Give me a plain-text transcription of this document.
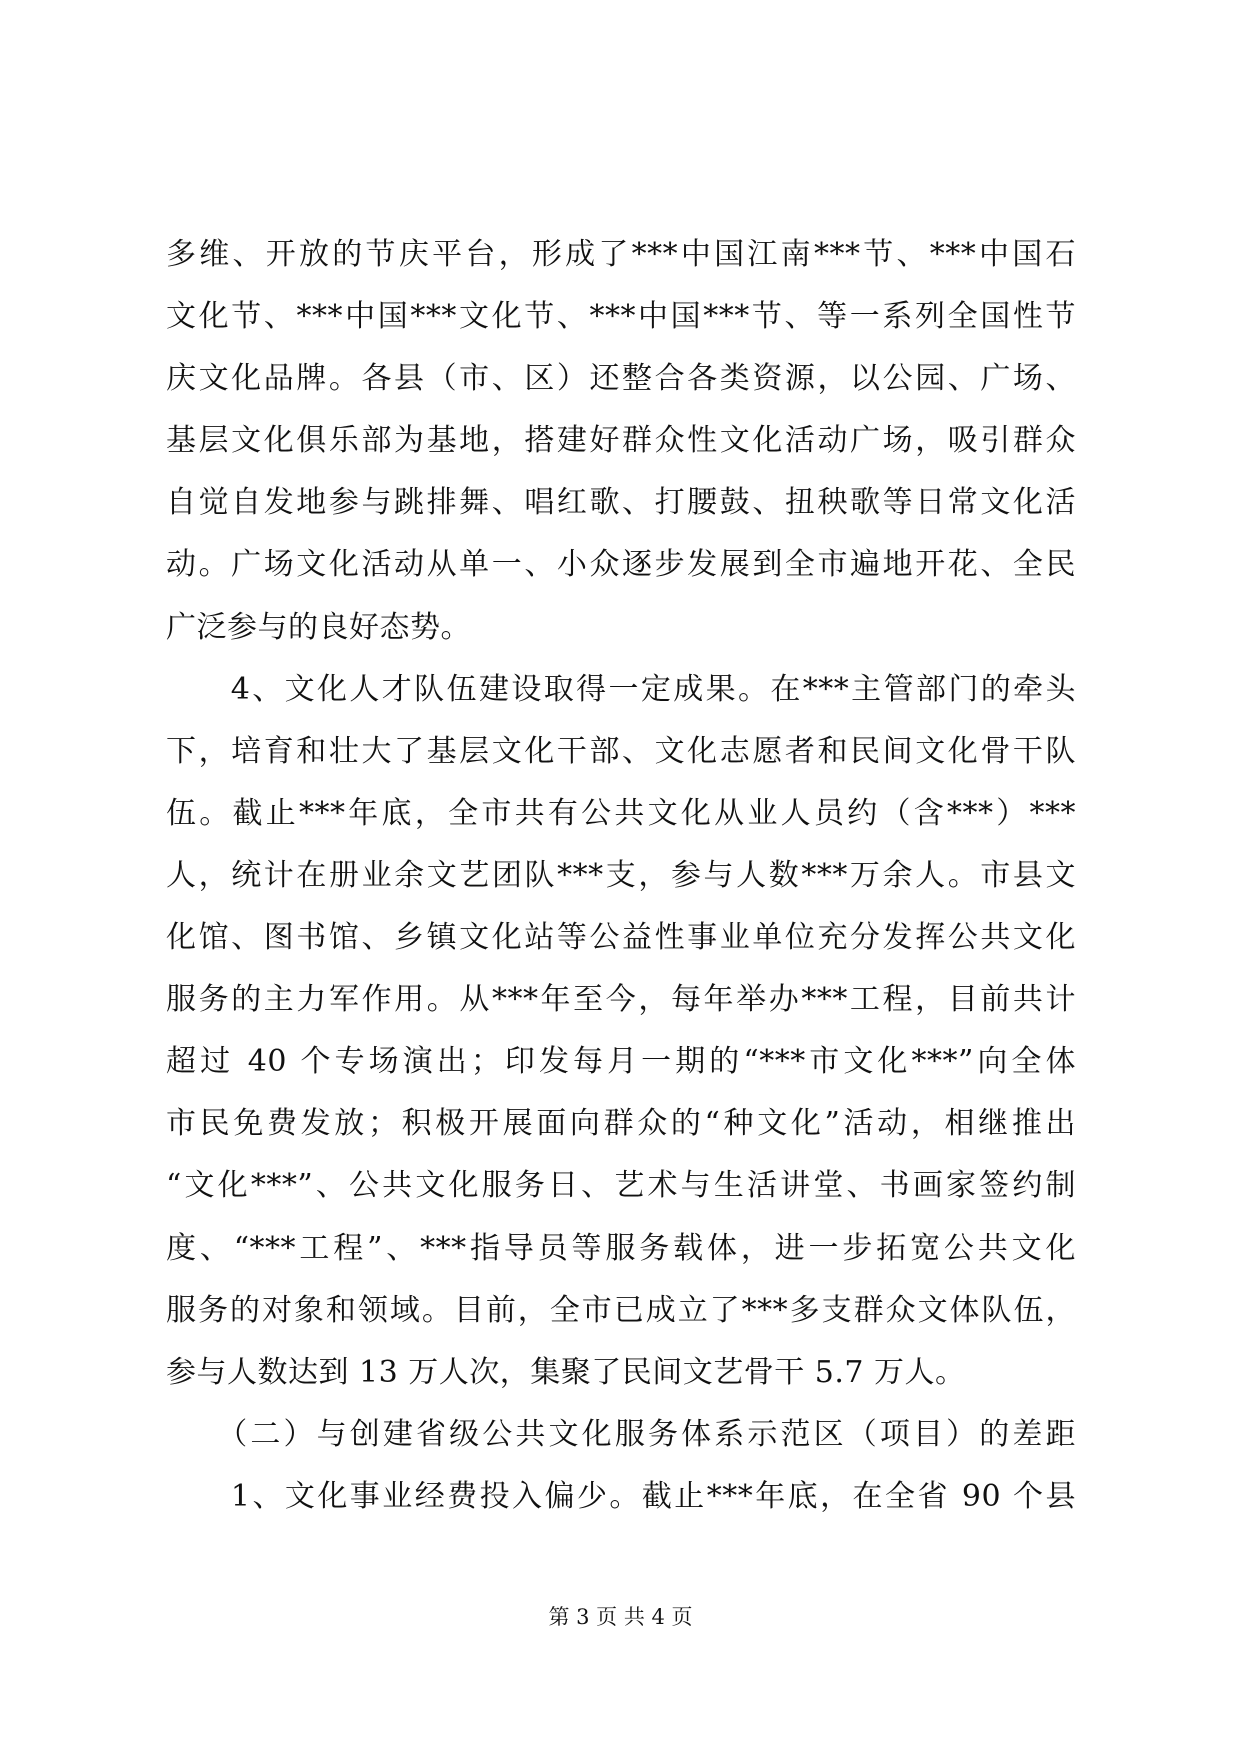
多维、开放的节庆平台，形成了***中国江南***节、***中国石
文化节、***中国***文化节、***中国***节、等一系列全国性节
庆文化品牌。各县（市、区）还整合各类资源，以公园、广场、
基层文化俱乐部为基地，搭建好群众性文化活动广场，吸引群众
自觉自发地参与跳排舞、唱红歌、打腰鼓、扭秧歌等日常文化活
动。广场文化活动从单一、小众逐步发展到全市遍地开花、全民
广泛参与的良好态势。
　　4、文化人才队伍建设取得一定成果。在***主管部门的牵头
下，培育和壮大了基层文化干部、文化志愿者和民间文化骨干队
伍。截止***年底，全市共有公共文化从业人员约（含***）***
人，统计在册业余文艺团队***支，参与人数***万余人。市县文
化馆、图书馆、乡镇文化站等公益性事业单位充分发挥公共文化
服务的主力军作用。从***年至今，每年举办***工程，目前共计
超过 40 个专场演出；印发每月一期的“***市文化***”向全体
市民免费发放；积极开展面向群众的“种文化”活动，相继推出
“文化***”、公共文化服务日、艺术与生活讲堂、书画家签约制
度、“***工程”、***指导员等服务载体，进一步拓宽公共文化
服务的对象和领域。目前，全市已成立了***多支群众文体队伍，
参与人数达到 13 万人次，集聚了民间文艺骨干 5.7 万人。
　　（二）与创建省级公共文化服务体系示范区（项目）的差距
　　1、文化事业经费投入偏少。截止***年底，在全省 90 个县
第 3 页 共 4 页
